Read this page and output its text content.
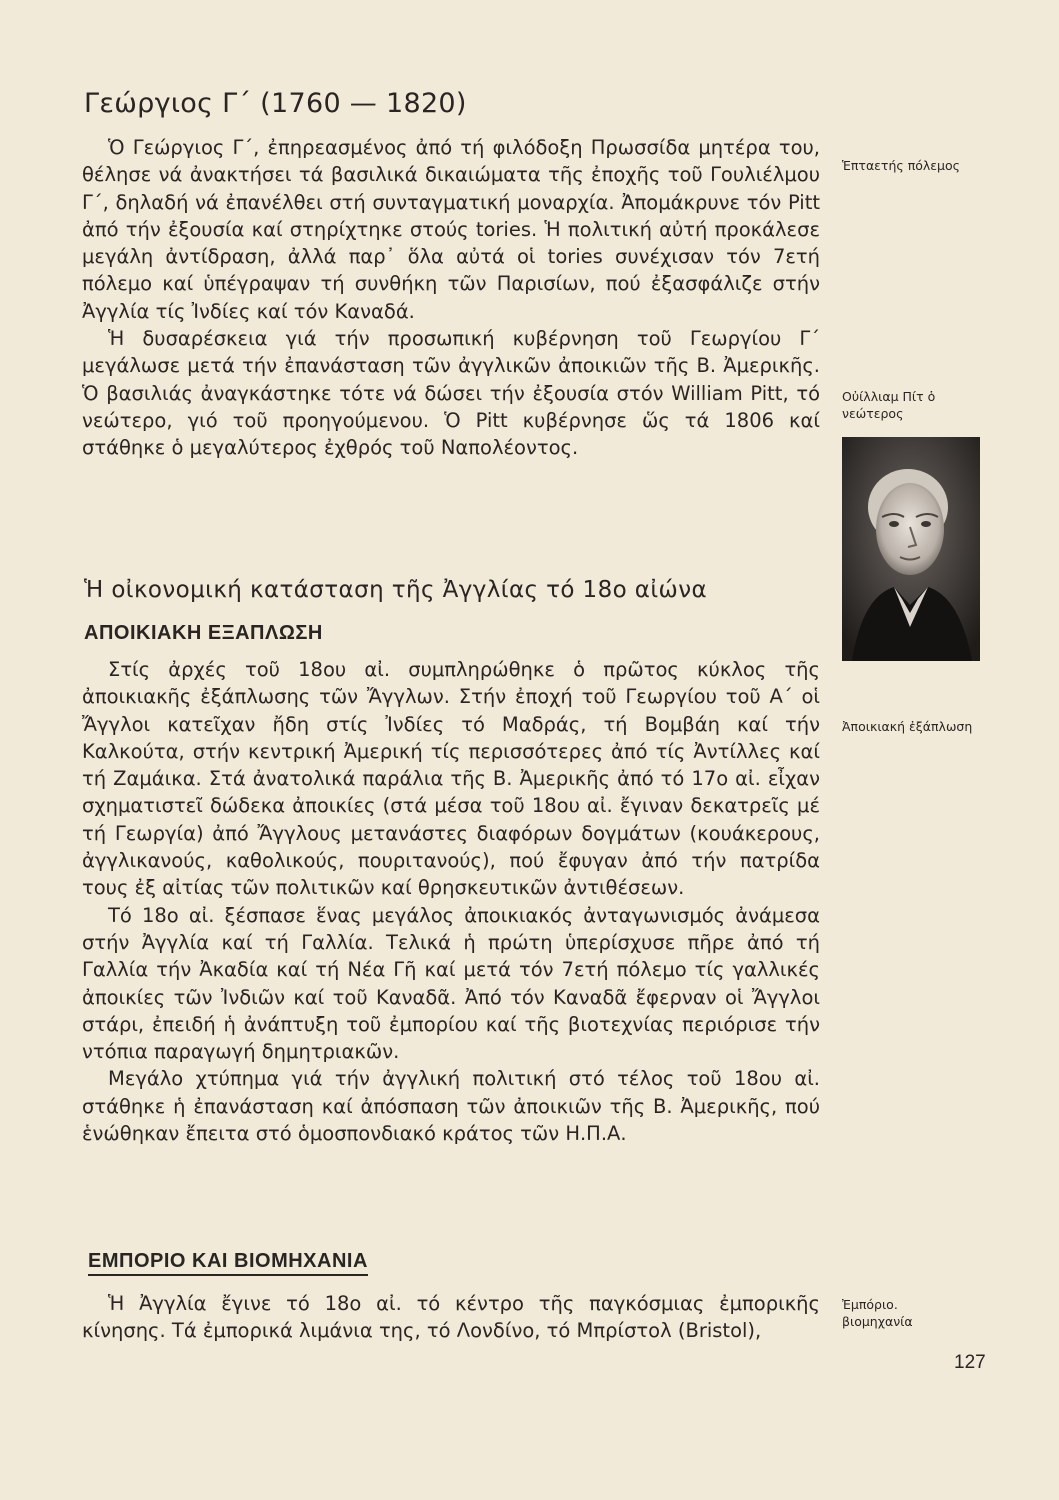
Γεώργιος Γ΄ (1760 — 1820)

Ὁ Γεώργιος Γ΄, ἐπηρεασμένος ἀπό τή φιλόδοξη Πρωσσίδα μητέρα του, θέλησε νά ἀνακτήσει τά βασιλικά δικαιώματα τῆς ἐποχῆς τοῦ Γουλιέλμου Γ΄, δηλαδή νά ἐπανέλθει στή συνταγματική μοναρχία. Ἀπομάκρυνε τόν Pitt ἀπό τήν ἐξουσία καί στηρίχτηκε στούς tories. Ἡ πολιτική αὐτή προκάλεσε μεγάλη ἀντίδραση, ἀλλά παρ᾽ ὅλα αὐτά οἱ tories συνέχισαν τόν 7ετή πόλεμο καί ὑπέγραψαν τή συνθήκη τῶν Παρισίων, πού ἐξασφάλιζε στήν Ἀγγλία τίς Ἰνδίες καί τόν Καναδά.

Ἡ δυσαρέσκεια γιά τήν προσωπική κυβέρνηση τοῦ Γεωργίου Γ΄ μεγάλωσε μετά τήν ἐπανάσταση τῶν ἀγγλικῶν ἀποικιῶν τῆς Β. Ἀμερικῆς. Ὁ βασιλιάς ἀναγκάστηκε τότε νά δώσει τήν ἐξουσία στόν William Pitt, τό νεώτερο, γιό τοῦ προηγούμενου. Ὁ Pitt κυβέρνησε ὥς τά 1806 καί στάθηκε ὁ μεγαλύτερος ἐχθρός τοῦ Ναπολέοντος.

Ἡ οἰκονομική κατάσταση τῆς Ἀγγλίας τό 18ο αἰώνα
ΑΠΟΙΚΙΑΚΗ ΕΞΑΠΛΩΣΗ

Στίς ἀρχές τοῦ 18ου αἰ. συμπληρώθηκε ὁ πρῶτος κύκλος τῆς ἀποικιακῆς ἐξάπλωσης τῶν Ἄγγλων. Στήν ἐποχή τοῦ Γεωργίου τοῦ Α΄ οἱ Ἄγγλοι κατεῖχαν ἤδη στίς Ἰνδίες τό Μαδράς, τή Βομβάη καί τήν Καλκούτα, στήν κεντρική Ἀμερική τίς περισσότερες ἀπό τίς Ἀντίλλες καί τή Ζαμάικα. Στά ἀνατολικά παράλια τῆς Β. Ἀμερικῆς ἀπό τό 17ο αἰ. εἶχαν σχηματιστεῖ δώδεκα ἀποικίες (στά μέσα τοῦ 18ου αἰ. ἔγιναν δεκατρεῖς μέ τή Γεωργία) ἀπό Ἄγγλους μετανάστες διαφόρων δογμάτων (κουάκερους, ἀγγλικανούς, καθολικούς, πουριτανούς), πού ἔφυγαν ἀπό τήν πατρίδα τους ἐξ αἰτίας τῶν πολιτικῶν καί θρησκευτικῶν ἀντιθέσεων.

Τό 18ο αἰ. ξέσπασε ἕνας μεγάλος ἀποικιακός ἀνταγωνισμός ἀνάμεσα στήν Ἀγγλία καί τή Γαλλία. Τελικά ἡ πρώτη ὑπερίσχυσε πῆρε ἀπό τή Γαλλία τήν Ἀκαδία καί τή Νέα Γῆ καί μετά τόν 7ετή πόλεμο τίς γαλλικές ἀποικίες τῶν Ἰνδιῶν καί τοῦ Καναδᾶ. Ἀπό τόν Καναδᾶ ἔφερναν οἱ Ἄγγλοι στάρι, ἐπειδή ἡ ἀνάπτυξη τοῦ ἐμπορίου καί τῆς βιοτεχνίας περιόρισε τήν ντόπια παραγωγή δημητριακῶν.

Μεγάλο χτύπημα γιά τήν ἀγγλική πολιτική στό τέλος τοῦ 18ου αἰ. στάθηκε ἡ ἐπανάσταση καί ἀπόσπαση τῶν ἀποικιῶν τῆς Β. Ἀμερικῆς, πού ἑνώθηκαν ἔπειτα στό ὁμοσπονδιακό κράτος τῶν Η.Π.Α.

ΕΜΠΟΡΙΟ ΚΑΙ ΒΙΟΜΗΧΑΝΙΑ

Ἡ Ἀγγλία ἔγινε τό 18ο αἰ. τό κέντρο τῆς παγκόσμιας ἐμπορικῆς κίνησης. Τά ἐμπορικά λιμάνια της, τό Λονδίνο, τό Μπρίστολ (Bristol),

Ἑπταετής πόλεμος
Οὐίλλιαμ Πίτ ὁ
νεώτερος
Ἀποικιακή ἐξάπλωση
Ἐμπόριο.
βιομηχανία
127
